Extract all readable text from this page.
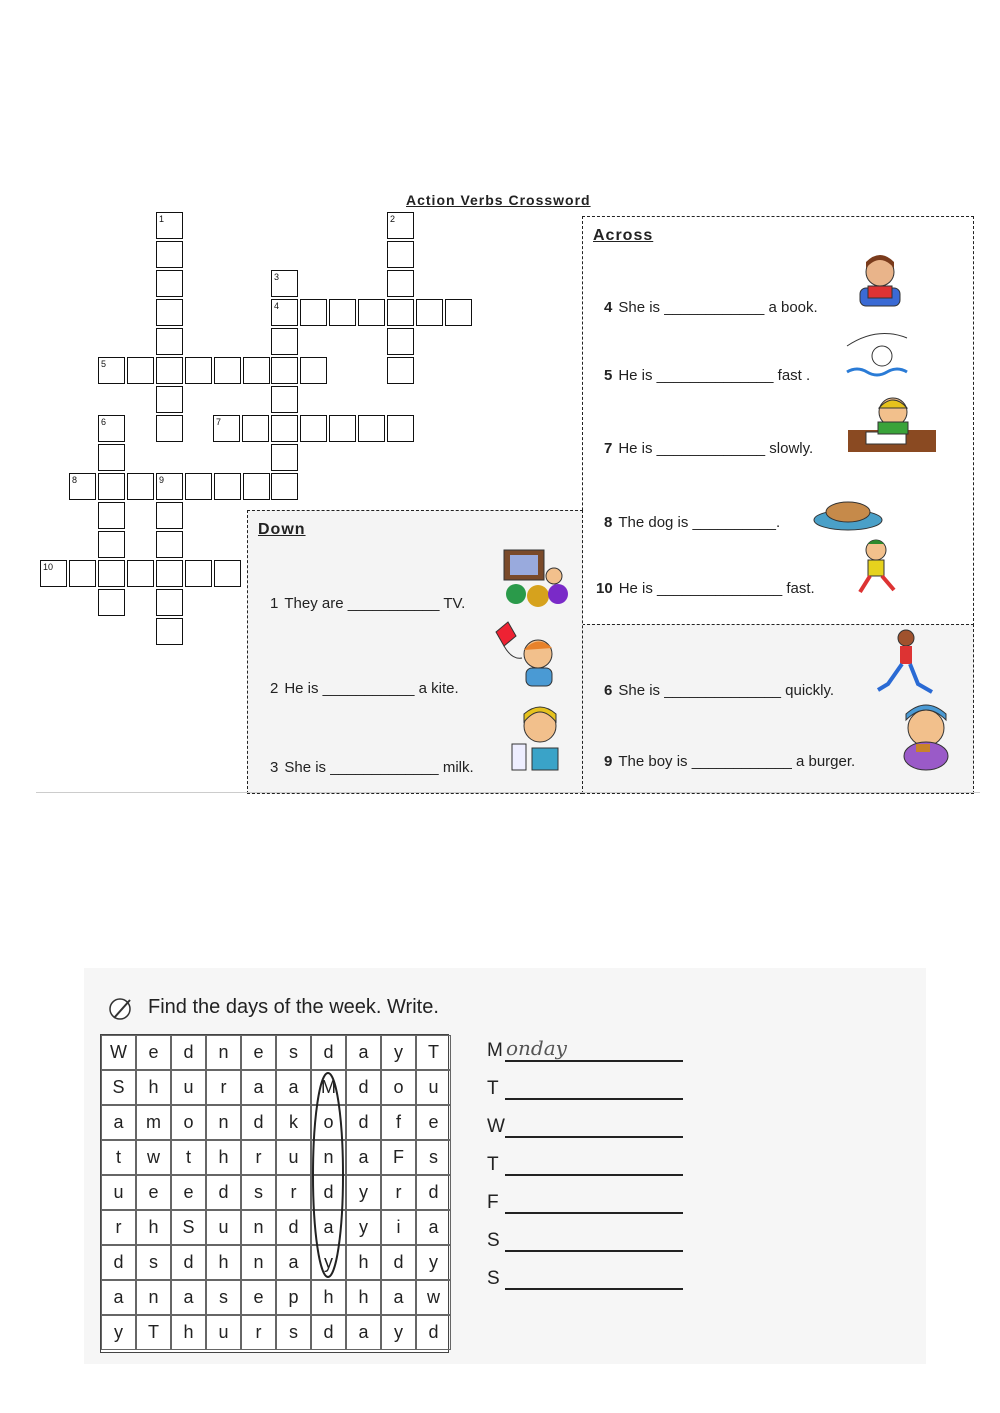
Action Verbs Crossword
Across
Down
4 She is ____________ a book.
5 He is ______________ fast .
7 He is _____________ slowly.
8 The dog is __________.
10 He is _______________ fast.
6 She is ______________ quickly.
9 The boy is ____________ a burger.
1 They are ___________ TV.
2 He is ___________ a kite.
3 She is _____________ milk.
Find the days of the week. Write.
W	e	d	n	e	s	d	a	y	T
S	h	u	r	a	a	M	d	o	u
a	m	o	n	d	k	o	d	f	e
t	w	t	h	r	u	n	a	F	s
u	e	e	d	s	r	d	y	r	d
r	h	S	u	n	d	a	y	i	a
d	s	d	h	n	a	y	h	d	y
a	n	a	s	e	p	h	h	a	w
y	T	h	u	r	s	d	a	y	d
1	2
3
4
5
6	7
8	9
10
M onday
T
W
T
F
S
S
